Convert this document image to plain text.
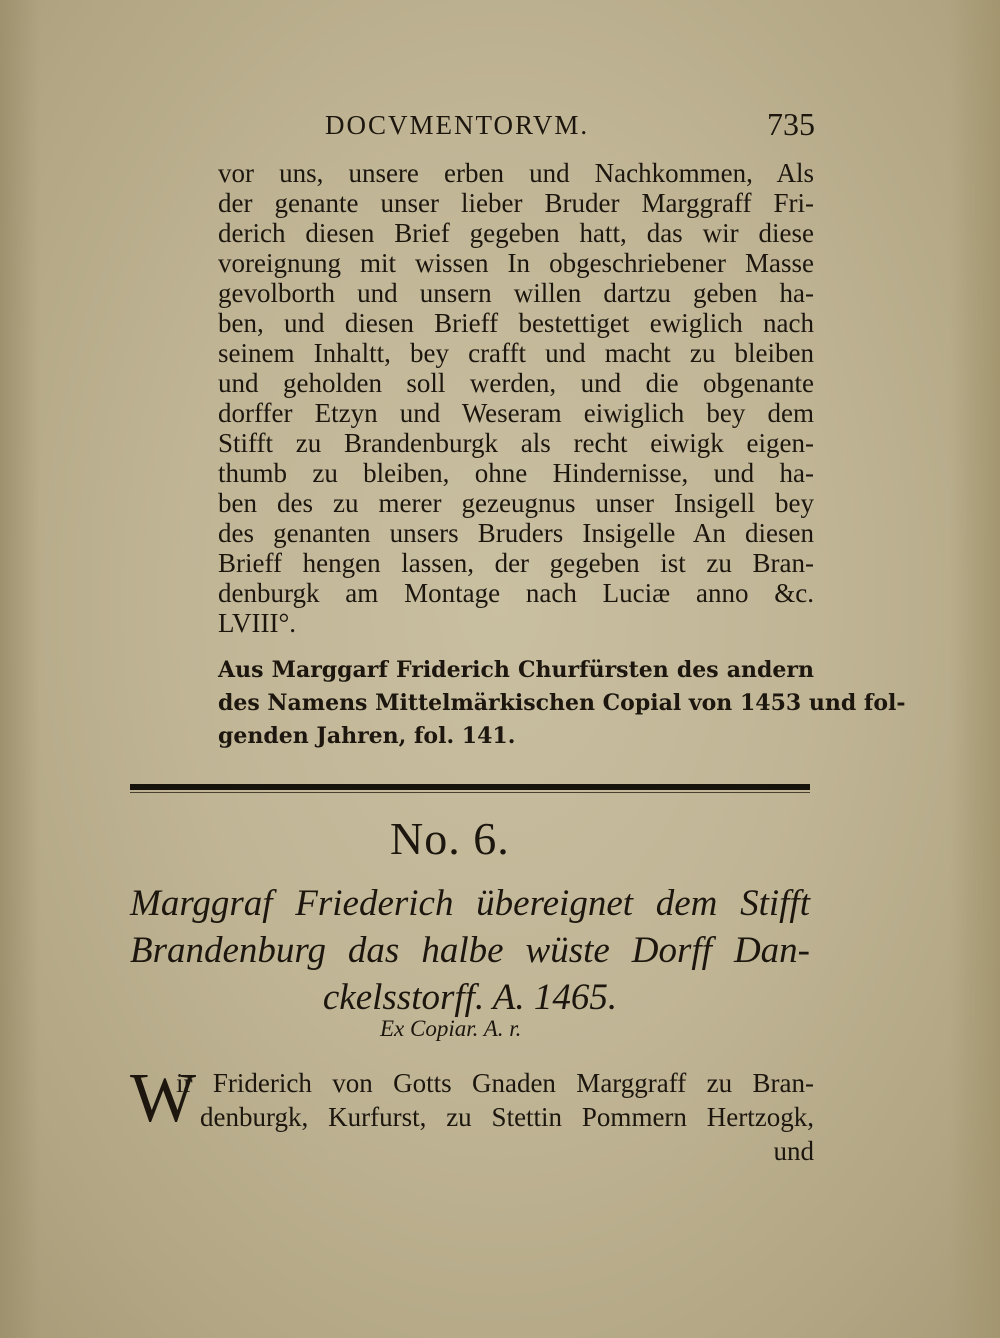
DOCVMENTORVM.	735
vor uns, unsere erben und Nachkommen, Als
der genante unser lieber Bruder Marggraff Fri-
derich diesen Brief gegeben hatt, das wir diese
voreignung mit wissen In obgeschriebener Masse
gevolborth und unsern willen dartzu geben ha-
ben, und diesen Brieff bestettiget ewiglich nach
seinem Inhaltt, bey crafft und macht zu bleiben
und geholden soll werden, und die obgenante
dorffer Etzyn und Weseram eiwiglich bey dem
Stifft zu Brandenburgk als recht eiwigk eigen-
thumb zu bleiben, ohne Hindernisse, und ha-
ben des zu merer gezeugnus unser Insigell bey
des genanten unsers Bruders Insigelle An diesen
Brieff hengen lassen, der gegeben ist zu Bran-
denburgk am Montage nach Luciæ anno &c.
LVIII°.
Aus Marggarf Friderich Churfürsten des andern
des Namens Mittelmärkischen Copial von 1453 und fol-
genden Jahren, fol. 141.
No. 6.
Marggraf Friederich übereignet dem Stifft
Brandenburg das halbe wüste Dorff Dan-
ckelsstorff. A. 1465.
Ex Copiar. A. r.
W
ir Friderich von Gotts Gnaden Marggraff zu Bran-
denburgk, Kurfurst, zu Stettin Pommern Hertzogk,
und
